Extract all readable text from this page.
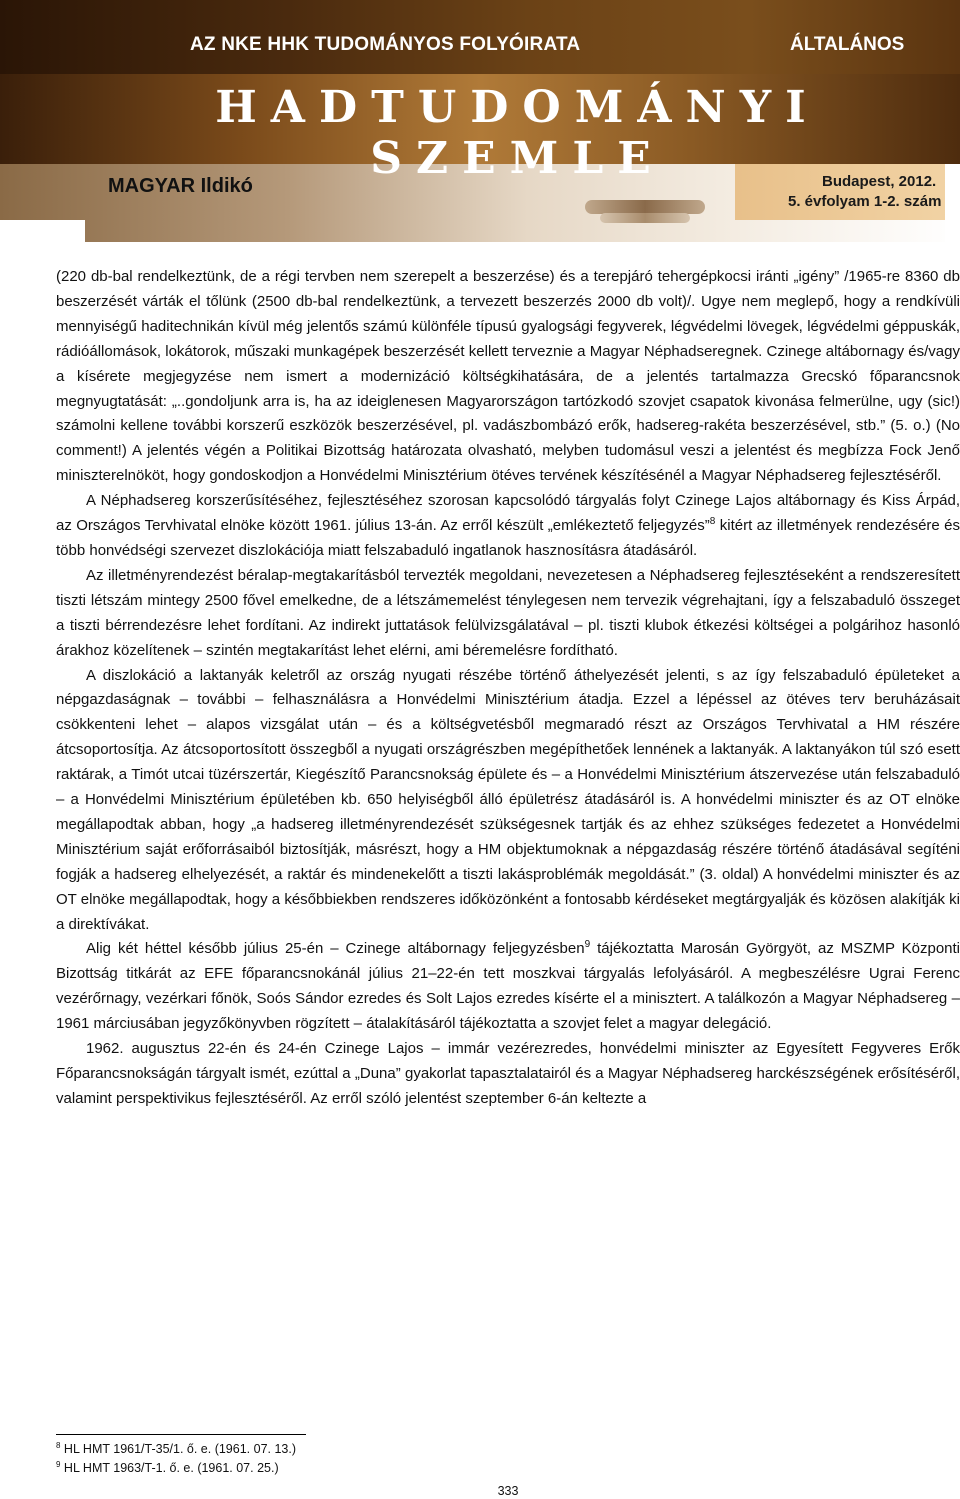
AZ NKE HHK TUDOMÁNYOS FOLYÓIRATA	ÁLTALÁNOS
HADTUDOMÁNYI SZEMLE
MAGYAR Ildikó	Budapest, 2012.
5. évfolyam 1-2. szám

(220 db-bal rendelkeztünk, de a régi tervben nem szerepelt a beszerzése) és a terepjáró tehergépkocsi iránti „igény” /1965-re 8360 db beszerzését várták el tőlünk (2500 db-bal rendelkeztünk, a tervezett beszerzés 2000 db volt)/. Ugye nem meglepő, hogy a rendkívüli mennyiségű haditechnikán kívül még jelentős számú különféle típusú gyalogsági fegyverek, légvédelmi lövegek, légvédelmi géppuskák, rádióállomások, lokátorok, műszaki munkagépek beszerzését kellett terveznie a Magyar Néphadseregnek. Czinege altábornagy és/vagy a kísérete megjegyzése nem ismert a modernizáció költségkihatására, de a jelentés tartalmazza Grecskó főparancsnok megnyugtatását: „..gondoljunk arra is, ha az ideiglenesen Magyarországon tartózkodó szovjet csapatok kivonása felmerülne, ugy (sic!) számolni kellene további korszerű eszközök beszerzésével, pl. vadászbombázó erők, hadsereg-rakéta beszerzésével, stb.” (5. o.) (No comment!) A jelentés végén a Politikai Bizottság határozata olvasható, melyben tudomásul veszi a jelentést és megbízza Fock Jenő miniszterelnököt, hogy gondoskodjon a Honvédelmi Minisztérium ötéves tervének készítésénél a Magyar Néphadsereg fejlesztéséről.

A Néphadsereg korszerűsítéséhez, fejlesztéséhez szorosan kapcsolódó tárgyalás folyt Czinege Lajos altábornagy és Kiss Árpád, az Országos Tervhivatal elnöke között 1961. július 13-án. Az erről készült „emlékeztető feljegyzés”$^8$ kitért az illetmények rendezésére és több honvédségi szervezet diszlokációja miatt felszabaduló ingatlanok hasznosításra átadásáról.

Az illetményrendezést béralap-megtakarításból tervezték megoldani, nevezetesen a Néphadsereg fejlesztéseként a rendszeresített tiszti létszám mintegy 2500 fővel emelkedne, de a létszámemelést ténylegesen nem tervezik végrehajtani, így a felszabaduló összeget a tiszti bérrendezésre lehet fordítani. Az indirekt juttatások felülvizsgálatával – pl. tiszti klubok étkezési költségei a polgárihoz hasonló árakhoz közelítenek – szintén megtakarítást lehet elérni, ami béremelésre fordítható.

A diszlokáció a laktanyák keletről az ország nyugati részébe történő áthelyezését jelenti, s az így felszabaduló épületeket a népgazdaságnak – további – felhasználásra a Honvédelmi Minisztérium átadja. Ezzel a lépéssel az ötéves terv beruházásait csökkenteni lehet – alapos vizsgálat után – és a költségvetésből megmaradó részt az Országos Tervhivatal a HM részére átcsoportosítja. Az átcsoportosított összegből a nyugati országrészben megépíthetőek lennének a laktanyák. A laktanyákon túl szó esett raktárak, a Timót utcai tüzérszertár, Kiegészítő Parancsnokság épülete és – a Honvédelmi Minisztérium átszervezése után felszabaduló – a Honvédelmi Minisztérium épületében kb. 650 helyiségből álló épületrész átadásáról is. A honvédelmi miniszter és az OT elnöke megállapodtak abban, hogy „a hadsereg illetményrendezését szükségesnek tartják és az ehhez szükséges fedezetet a Honvédelmi Minisztérium saját erőforrásaiból biztosítják, másrészt, hogy a HM objektumoknak a népgazdaság részére történő átadásával segíténi fogják a hadsereg elhelyezését, a raktár és mindenekelőtt a tiszti lakásproblémák megoldását.” (3. oldal) A honvédelmi miniszter és az OT elnöke megállapodtak, hogy a későbbiekben rendszeres időközönként a fontosabb kérdéseket megtárgyalják és közösen alakítják ki a direktívákat.

Alig két héttel később július 25-én – Czinege altábornagy feljegyzésben$^9$ tájékoztatta Marosán Györgyöt, az MSZMP Központi Bizottság titkárát az EFE főparancsnokánál július 21–22-én tett moszkvai tárgyalás lefolyásáról. A megbeszélésre Ugrai Ferenc vezérőrnagy, vezérkari főnök, Soós Sándor ezredes és Solt Lajos ezredes kísérte el a minisztert. A találkozón a Magyar Néphadsereg – 1961 márciusában jegyzőkönyvben rögzített – átalakításáról tájékoztatta a szovjet felet a magyar delegáció.

1962. augusztus 22-én és 24-én Czinege Lajos – immár vezérezredes, honvédelmi miniszter az Egyesített Fegyveres Erők Főparancsnokságán tárgyalt ismét, ezúttal a „Duna” gyakorlat tapasztalatairól és a Magyar Néphadsereg harckészségének erősítéséről, valamint perspektivikus fejlesztéséről. Az erről szóló jelentést szeptember 6-án keltezte a

$^8$ HL HMT 1961/T-35/1. ő. e. (1961. 07. 13.)
$^9$ HL HMT 1963/T-1. ő. e. (1961. 07. 25.)
333
